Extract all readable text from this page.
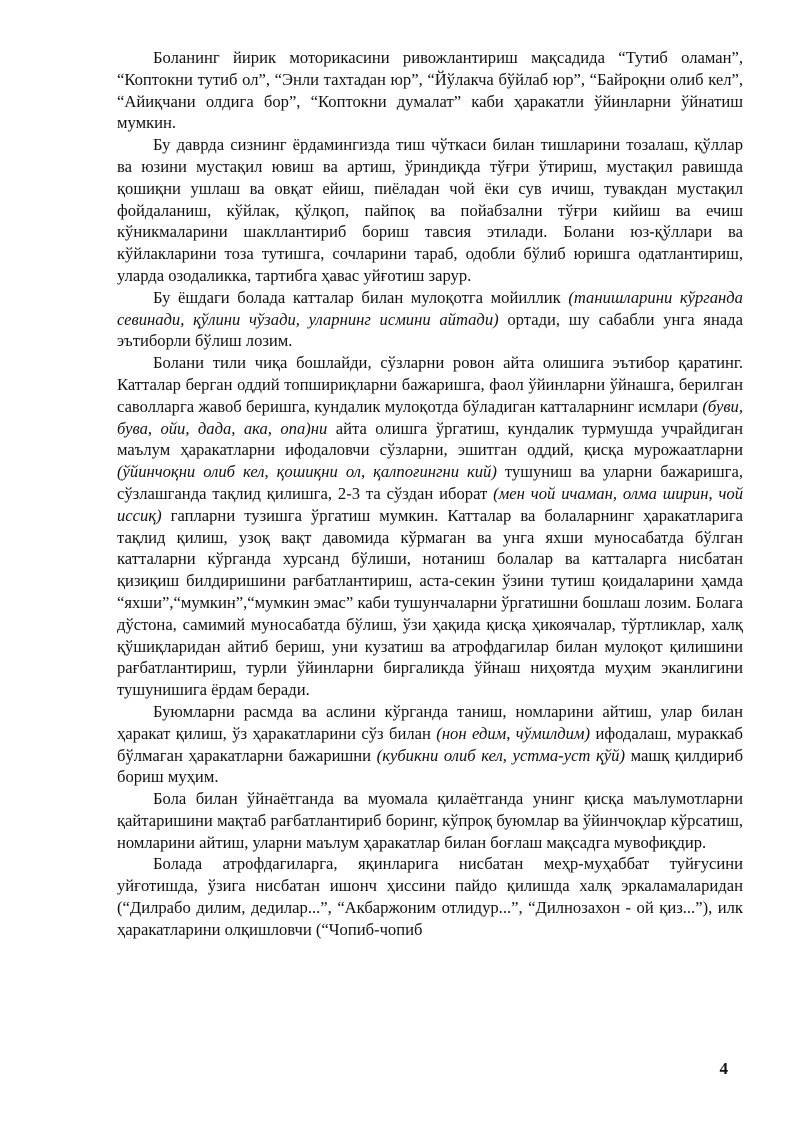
Боланинг йирик моторикасини ривожлантириш мақсадида “Тутиб оламан”, “Коптокни тутиб ол”, “Энли тахтадан юр”, “Йўлакча бўйлаб юр”, “Байроқни олиб кел”, “Айиқчани олдига бор”, “Коптокни думалат” каби ҳаракатли ўйинларни ўйнатиш мумкин.

Бу даврда сизнинг ёрдамингизда тиш чўткаси билан тишларини тозалаш, қўллар ва юзини мустақил ювиш ва артиш, ўриндиқда тўғри ўтириш, мустақил равишда қошиқни ушлаш ва овқат ейиш, пиёладан чой ёки сув ичиш, тувакдан мустақил фойдаланиш, кўйлак, қўлқоп, пайпоқ ва пойабзални тўғри кийиш ва ечиш кўникмаларини шакллантириб бориш тавсия этилади. Болани юз-қўллари ва кўйлакларини тоза тутишга, сочларини тараб, одобли бўлиб юришга одатлантириш, уларда озодаликка, тартибга ҳавас уйғотиш зарур.

Бу ёшдаги болада катталар билан мулоқотга мойиллик (танишларини кўрганда севинади, қўлини чўзади, уларнинг исмини айтади) ортади, шу сабабли унга янада эътиборли бўлиш лозим.

Болани тили чиқа бошлайди, сўзларни ровон айта олишига эътибор қаратинг. Катталар берган оддий топшириқларни бажаришга, фаол ўйинларни ўйнашга, берилган саволларга жавоб беришга, кундалик мулоқотда бўладиган катталарнинг исмлари (буви, бува, ойи, дада, ака, опа)ни айта олишга ўргатиш, кундалик турмушда учрайдиган маълум ҳаракатларни ифодаловчи сўзларни, эшитган оддий, қисқа мурожаатларни (ўйинчоқни олиб кел, қошиқни ол, қалпоғингни кий) тушуниш ва уларни бажаришга, сўзлашганда тақлид қилишга, 2-3 та сўздан иборат (мен чой ичаман, олма ширин, чой иссиқ) гапларни тузишга ўргатиш мумкин. Катталар ва болаларнинг ҳаракатларига тақлид қилиш, узоқ вақт давомида кўрмаган ва унга яхши муносабатда бўлган катталарни кўрганда хурсанд бўлиши, нотаниш болалар ва катталарга нисбатан қизиқиш билдиришини рағбатлантириш, аста-секин ўзини тутиш қоидаларини ҳамда “яхши”,“мумкин”,“мумкин эмас” каби тушунчаларни ўргатишни бошлаш лозим. Болага дўстона, самимий муносабатда бўлиш, ўзи ҳақида қисқа ҳикоячалар, тўртликлар, халқ қўшиқларидан айтиб бериш, уни кузатиш ва атрофдагилар билан мулоқот қилишини рағбатлантириш, турли ўйинларни биргаликда ўйнаш ниҳоятда муҳим эканлигини тушунишига ёрдам беради.

Буюмларни расмда ва аслини кўрганда таниш, номларини айтиш, улар билан ҳаракат қилиш, ўз ҳаракатларини сўз билан (нон едим, чўмилдим) ифодалаш, мураккаб бўлмаган ҳаракатларни бажаришни (кубикни олиб кел, устма-уст қўй) машқ қилдириб бориш муҳим.

Бола билан ўйнаётганда ва муомала қилаётганда унинг қисқа маълумотларни қайтаришини мақтаб рағбатлантириб боринг, кўпроқ буюмлар ва ўйинчоқлар кўрсатиш, номларини айтиш, уларни маълум ҳаракатлар билан боғлаш мақсадга мувофиқдир.

Болада атрофдагиларга, яқинларига нисбатан меҳр-муҳаббат туйғусини уйғотишда, ўзига нисбатан ишонч ҳиссини пайдо қилишда халқ эркаламаларидан (“Дилрабо дилим, дедилар...”, “Акбаржоним отлидур...”, “Дилнозахон - ой қиз...”), илк ҳаракатларини олқишловчи (“Чопиб-чопиб

4
